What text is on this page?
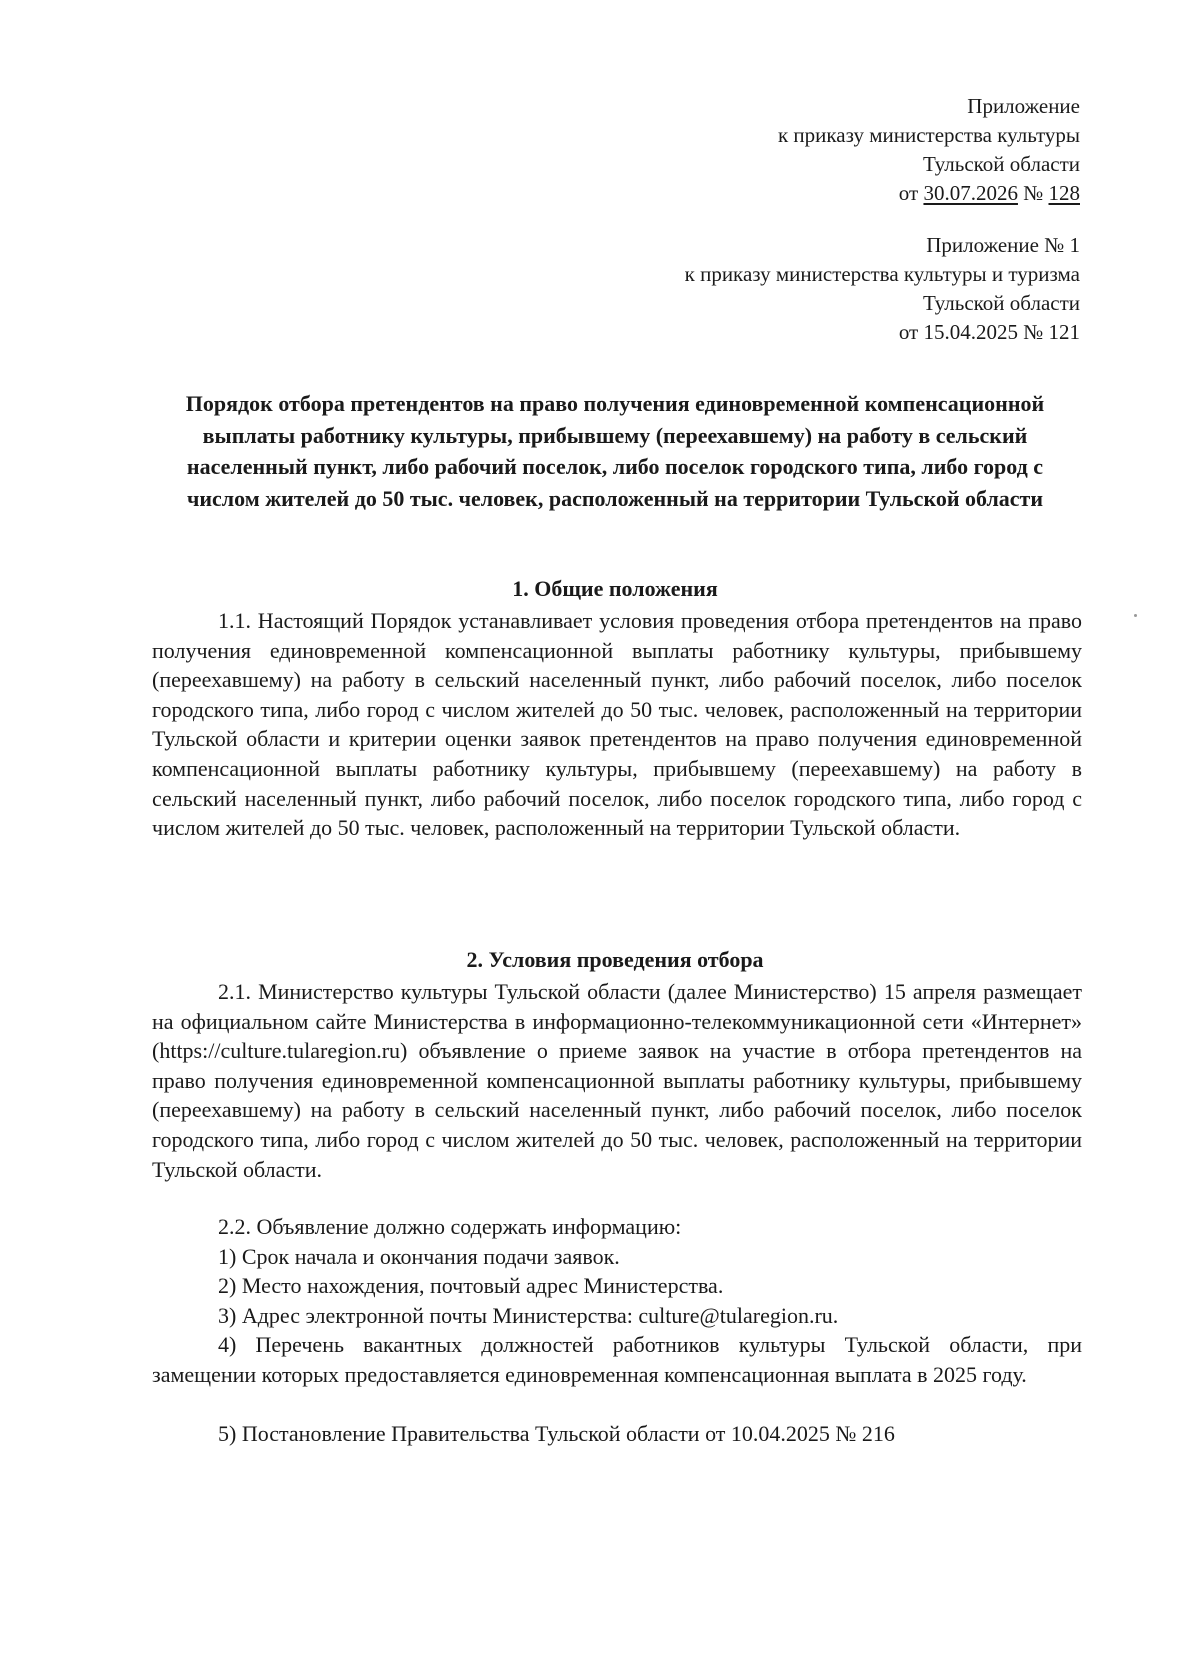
Приложение
к приказу министерства культуры
Тульской области
от 30.07.2026 № 128
Приложение № 1
к приказу министерства культуры и туризма
Тульской области
от 15.04.2025 № 121
Порядок отбора претендентов на право получения единовременной компенсационной выплаты работнику культуры, прибывшему (переехавшему) на работу в сельский населенный пункт, либо рабочий поселок, либо поселок городского типа, либо город с числом жителей до 50 тыс. человек, расположенный на территории Тульской области
1. Общие положения
1.1. Настоящий Порядок устанавливает условия проведения отбора претендентов на право получения единовременной компенсационной выплаты работнику культуры, прибывшему (переехавшему) на работу в сельский населенный пункт, либо рабочий поселок, либо поселок городского типа, либо город с числом жителей до 50 тыс. человек, расположенный на территории Тульской области и критерии оценки заявок претендентов на право получения единовременной компенсационной выплаты работнику культуры, прибывшему (переехавшему) на работу в сельский населенный пункт, либо рабочий поселок, либо поселок городского типа, либо город с числом жителей до 50 тыс. человек, расположенный на территории Тульской области.
2. Условия проведения отбора
2.1. Министерство культуры Тульской области (далее Министерство) 15 апреля размещает на официальном сайте Министерства в информационно-телекоммуникационной сети «Интернет» (https://culture.tularegion.ru) объявление о приеме заявок на участие в отбора претендентов на право получения единовременной компенсационной выплаты работнику культуры, прибывшему (переехавшему) на работу в сельский населенный пункт, либо рабочий поселок, либо поселок городского типа, либо город с числом жителей до 50 тыс. человек, расположенный на территории Тульской области.
2.2. Объявление должно содержать информацию:
1) Срок начала и окончания подачи заявок.
2) Место нахождения, почтовый адрес Министерства.
3) Адрес электронной почты Министерства: culture@tularegion.ru.
4) Перечень вакантных должностей работников культуры Тульской области, при замещении которых предоставляется единовременная компенсационная выплата в 2025 году.
5) Постановление Правительства Тульской области от 10.04.2025 № 216
